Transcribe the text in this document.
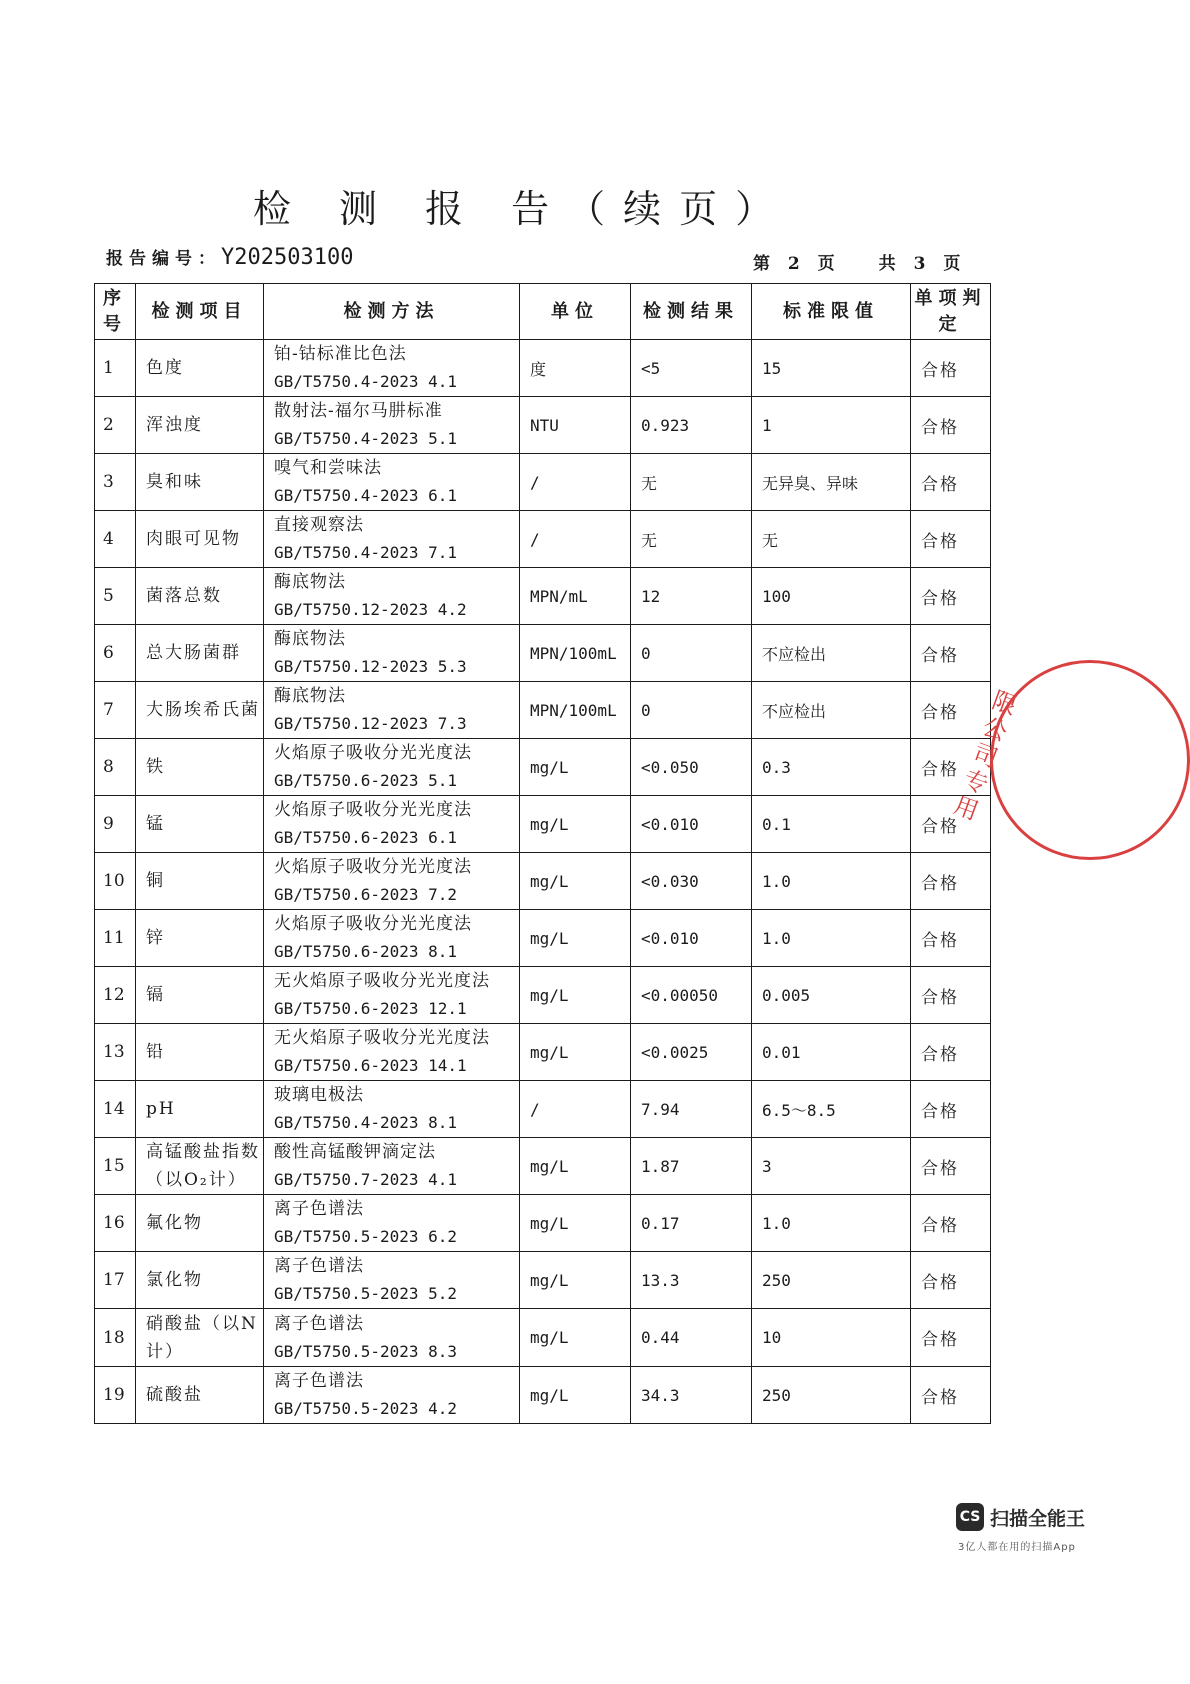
检 测 报 告（续页）
报告编号： Y202503100	第 2 页 共 3 页
序号	检测项目	检测方法	单位	检测结果	标准限值	单项判定
1	色度	铂-钴标准比色法
GB/T5750.4-2023 4.1	度	<5	15	合格
2	浑浊度	散射法-福尔马肼标准
GB/T5750.4-2023 5.1	NTU	0.923	1	合格
3	臭和味	嗅气和尝味法
GB/T5750.4-2023 6.1	/	无	无异臭、异味	合格
4	肉眼可见物	直接观察法
GB/T5750.4-2023 7.1	/	无	无	合格
5	菌落总数	酶底物法
GB/T5750.12-2023 4.2	MPN/mL	12	100	合格
6	总大肠菌群	酶底物法
GB/T5750.12-2023 5.3	MPN/100mL	0	不应检出	合格
7	大肠埃希氏菌	酶底物法
GB/T5750.12-2023 7.3	MPN/100mL	0	不应检出	合格
8	铁	火焰原子吸收分光光度法
GB/T5750.6-2023 5.1	mg/L	<0.050	0.3	合格
9	锰	火焰原子吸收分光光度法
GB/T5750.6-2023 6.1	mg/L	<0.010	0.1	合格
10	铜	火焰原子吸收分光光度法
GB/T5750.6-2023 7.2	mg/L	<0.030	1.0	合格
11	锌	火焰原子吸收分光光度法
GB/T5750.6-2023 8.1	mg/L	<0.010	1.0	合格
12	镉	无火焰原子吸收分光光度法
GB/T5750.6-2023 12.1	mg/L	<0.00050	0.005	合格
13	铅	无火焰原子吸收分光光度法
GB/T5750.6-2023 14.1	mg/L	<0.0025	0.01	合格
14	pH	玻璃电极法
GB/T5750.4-2023 8.1	/	7.94	6.5～8.5	合格
15	高锰酸盐指数（以O₂计）	酸性高锰酸钾滴定法
GB/T5750.7-2023 4.1	mg/L	1.87	3	合格
16	氟化物	离子色谱法
GB/T5750.5-2023 6.2	mg/L	0.17	1.0	合格
17	氯化物	离子色谱法
GB/T5750.5-2023 5.2	mg/L	13.3	250	合格
18	硝酸盐（以N计）	离子色谱法
GB/T5750.5-2023 8.3	mg/L	0.44	10	合格
19	硫酸盐	离子色谱法
GB/T5750.5-2023 4.2	mg/L	34.3	250	合格
限公司专用
CS 扫描全能王
3亿人都在用的扫描App
